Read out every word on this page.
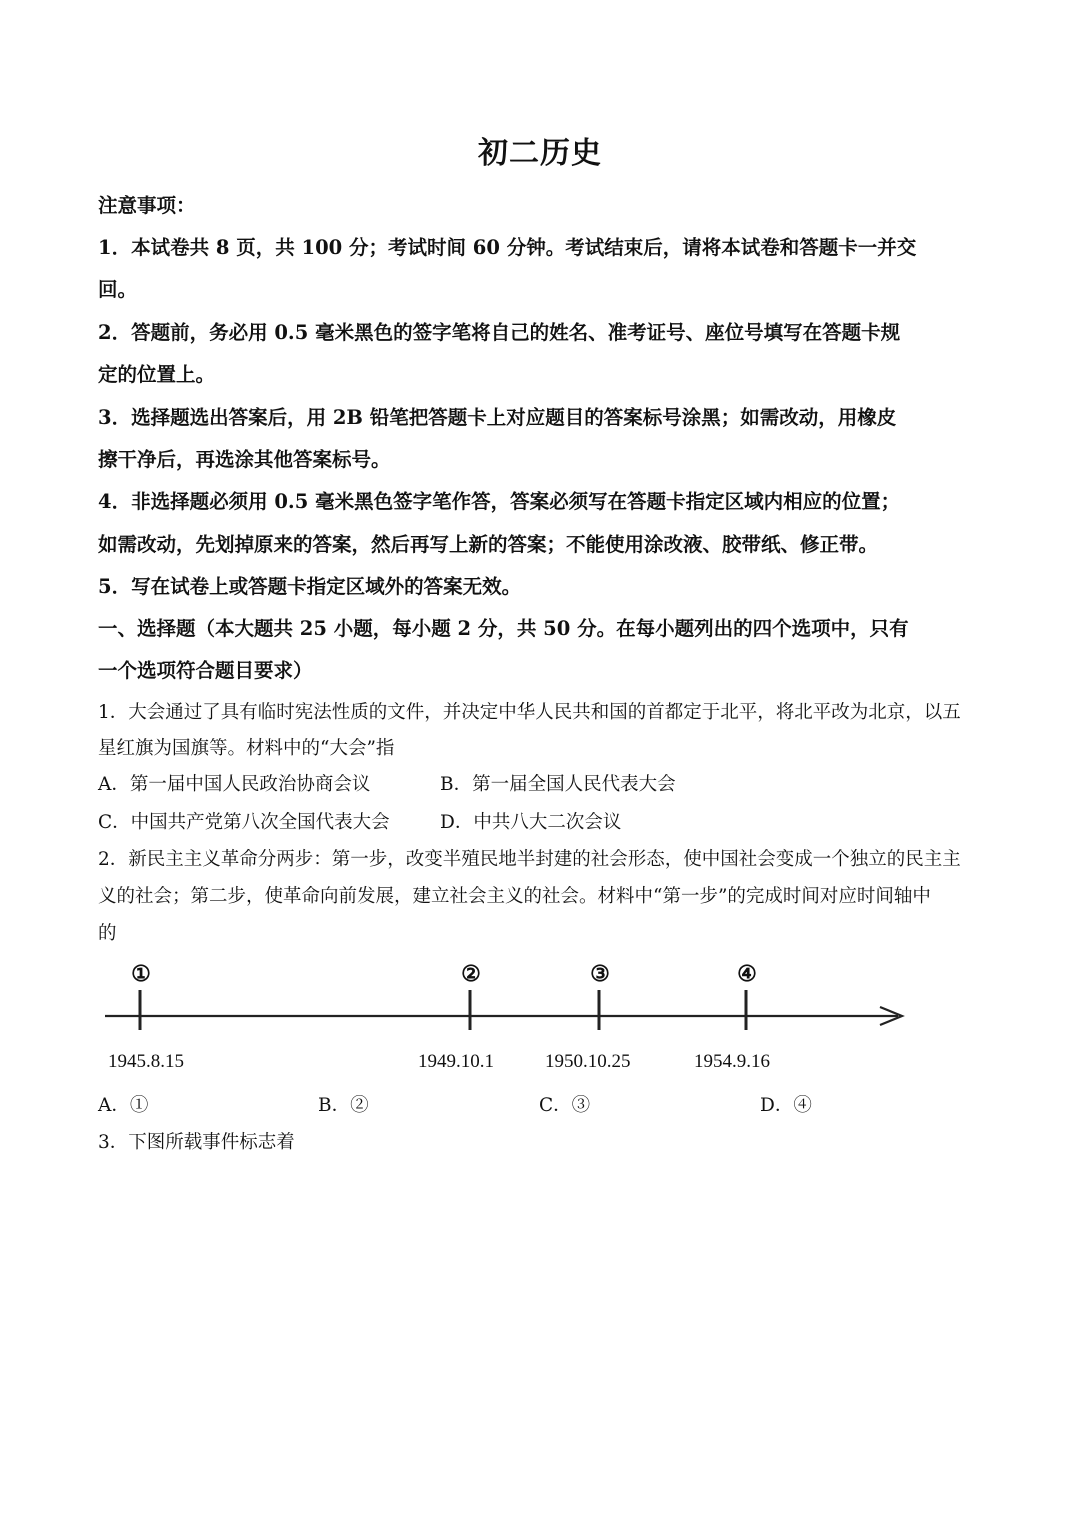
初二历史
注意事项：
1．本试卷共 8 页，共 100 分；考试时间 60 分钟。考试结束后，请将本试卷和答题卡一并交
回。
2．答题前，务必用 0.5 毫米黑色的签字笔将自己的姓名、准考证号、座位号填写在答题卡规
定的位置上。
3．选择题选出答案后，用 2B 铅笔把答题卡上对应题目的答案标号涂黑；如需改动，用橡皮
擦干净后，再选涂其他答案标号。
4．非选择题必须用 0.5 毫米黑色签字笔作答，答案必须写在答题卡指定区域内相应的位置；
如需改动，先划掉原来的答案，然后再写上新的答案；不能使用涂改液、胶带纸、修正带。
5．写在试卷上或答题卡指定区域外的答案无效。
一、选择题（本大题共 25 小题，每小题 2 分，共 50 分。在每小题列出的四个选项中，只有
一个选项符合题目要求）
1．大会通过了具有临时宪法性质的文件，并决定中华人民共和国的首都定于北平，将北平改为北京，以五
星红旗为国旗等。材料中的“大会”指
A．第一届中国人民政治协商会议	B．第一届全国人民代表大会
C．中国共产党第八次全国代表大会	D．中共八大二次会议
2．新民主主义革命分两步：第一步，改变半殖民地半封建的社会形态，使中国社会变成一个独立的民主主
义的社会；第二步，使革命向前发展，建立社会主义的社会。材料中“第一步”的完成时间对应时间轴中
的
①	②	③	④
1945.8.15	1949.10.1	1950.10.25	1954.9.16
A．①	B．②	C．③	D．④
3．下图所载事件标志着
